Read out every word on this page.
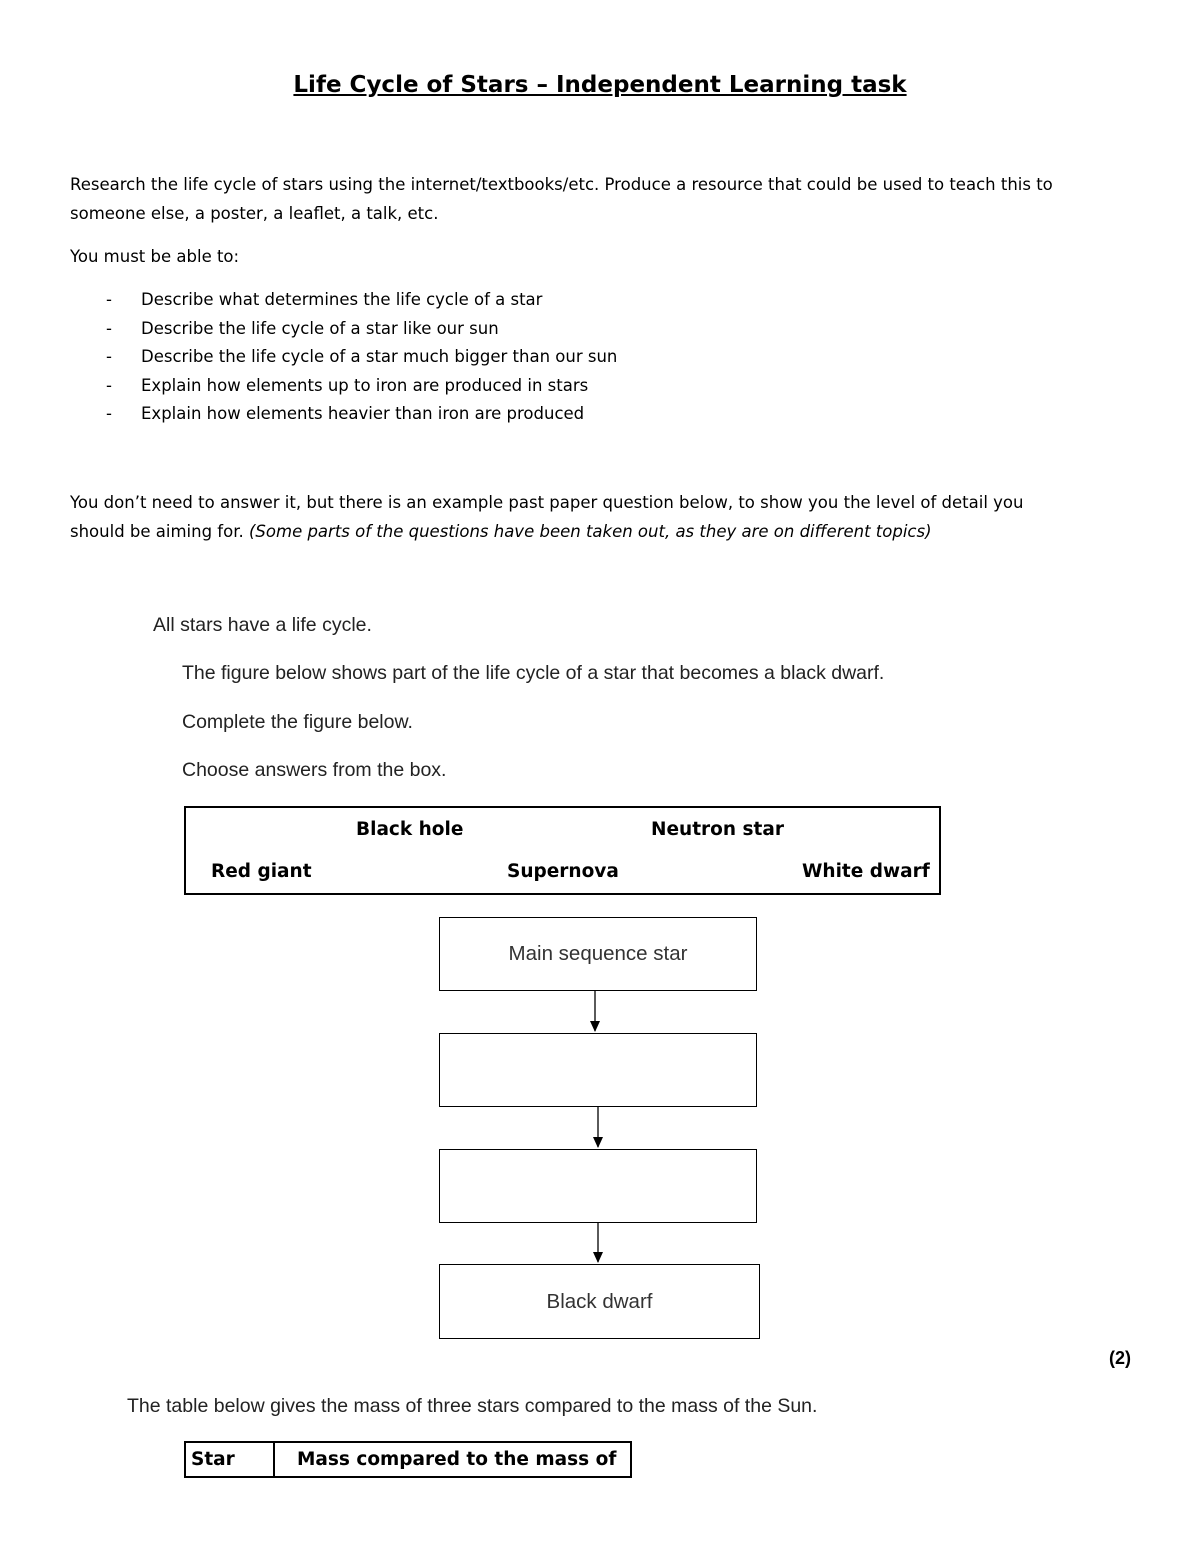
Life Cycle of Stars – Independent Learning task
Research the life cycle of stars using the internet/textbooks/etc. Produce a resource that could be used to teach this to
someone else, a poster, a leaflet, a talk, etc.
You must be able to:
- Describe what determines the life cycle of a star
- Describe the life cycle of a star like our sun
- Describe the life cycle of a star much bigger than our sun
- Explain how elements up to iron are produced in stars
- Explain how elements heavier than iron are produced
You don’t need to answer it, but there is an example past paper question below, to show you the level of detail you
should be aiming for. (Some parts of the questions have been taken out, as they are on different topics)
All stars have a life cycle.
The figure below shows part of the life cycle of a star that becomes a black dwarf.
Complete the figure below.
Choose answers from the box.
Black hole	Neutron star
Red giant	Supernova	White dwarf
Main sequence star
Black dwarf
(2)
The table below gives the mass of three stars compared to the mass of the Sun.
Star	Mass compared to the mass of
